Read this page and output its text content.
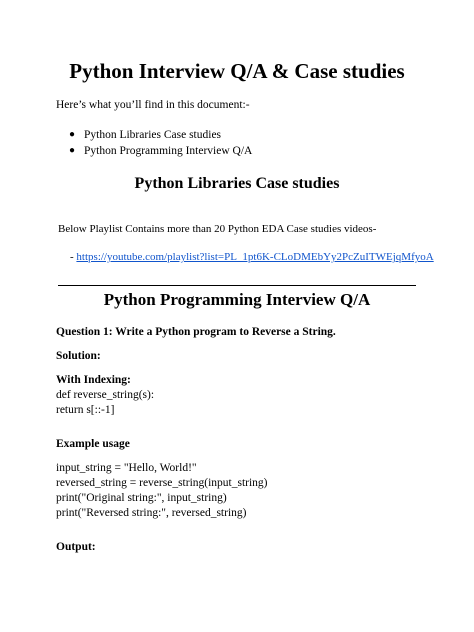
Python Interview Q/A & Case studies
Here’s what you’ll find in this document:-
● Python Libraries Case studies
● Python Programming Interview Q/A
Python Libraries Case studies
Below Playlist Contains more than 20 Python EDA Case studies videos-
- https://youtube.com/playlist?list=PL_1pt6K-CLoDMEbYy2PcZuITWEjqMfyoA
Python Programming Interview Q/A
Question 1: Write a Python program to Reverse a String.
Solution:
With Indexing:
def reverse_string(s):
return s[::-1]
Example usage
input_string = "Hello, World!"
reversed_string = reverse_string(input_string)
print("Original string:", input_string)
print("Reversed string:", reversed_string)
Output:
